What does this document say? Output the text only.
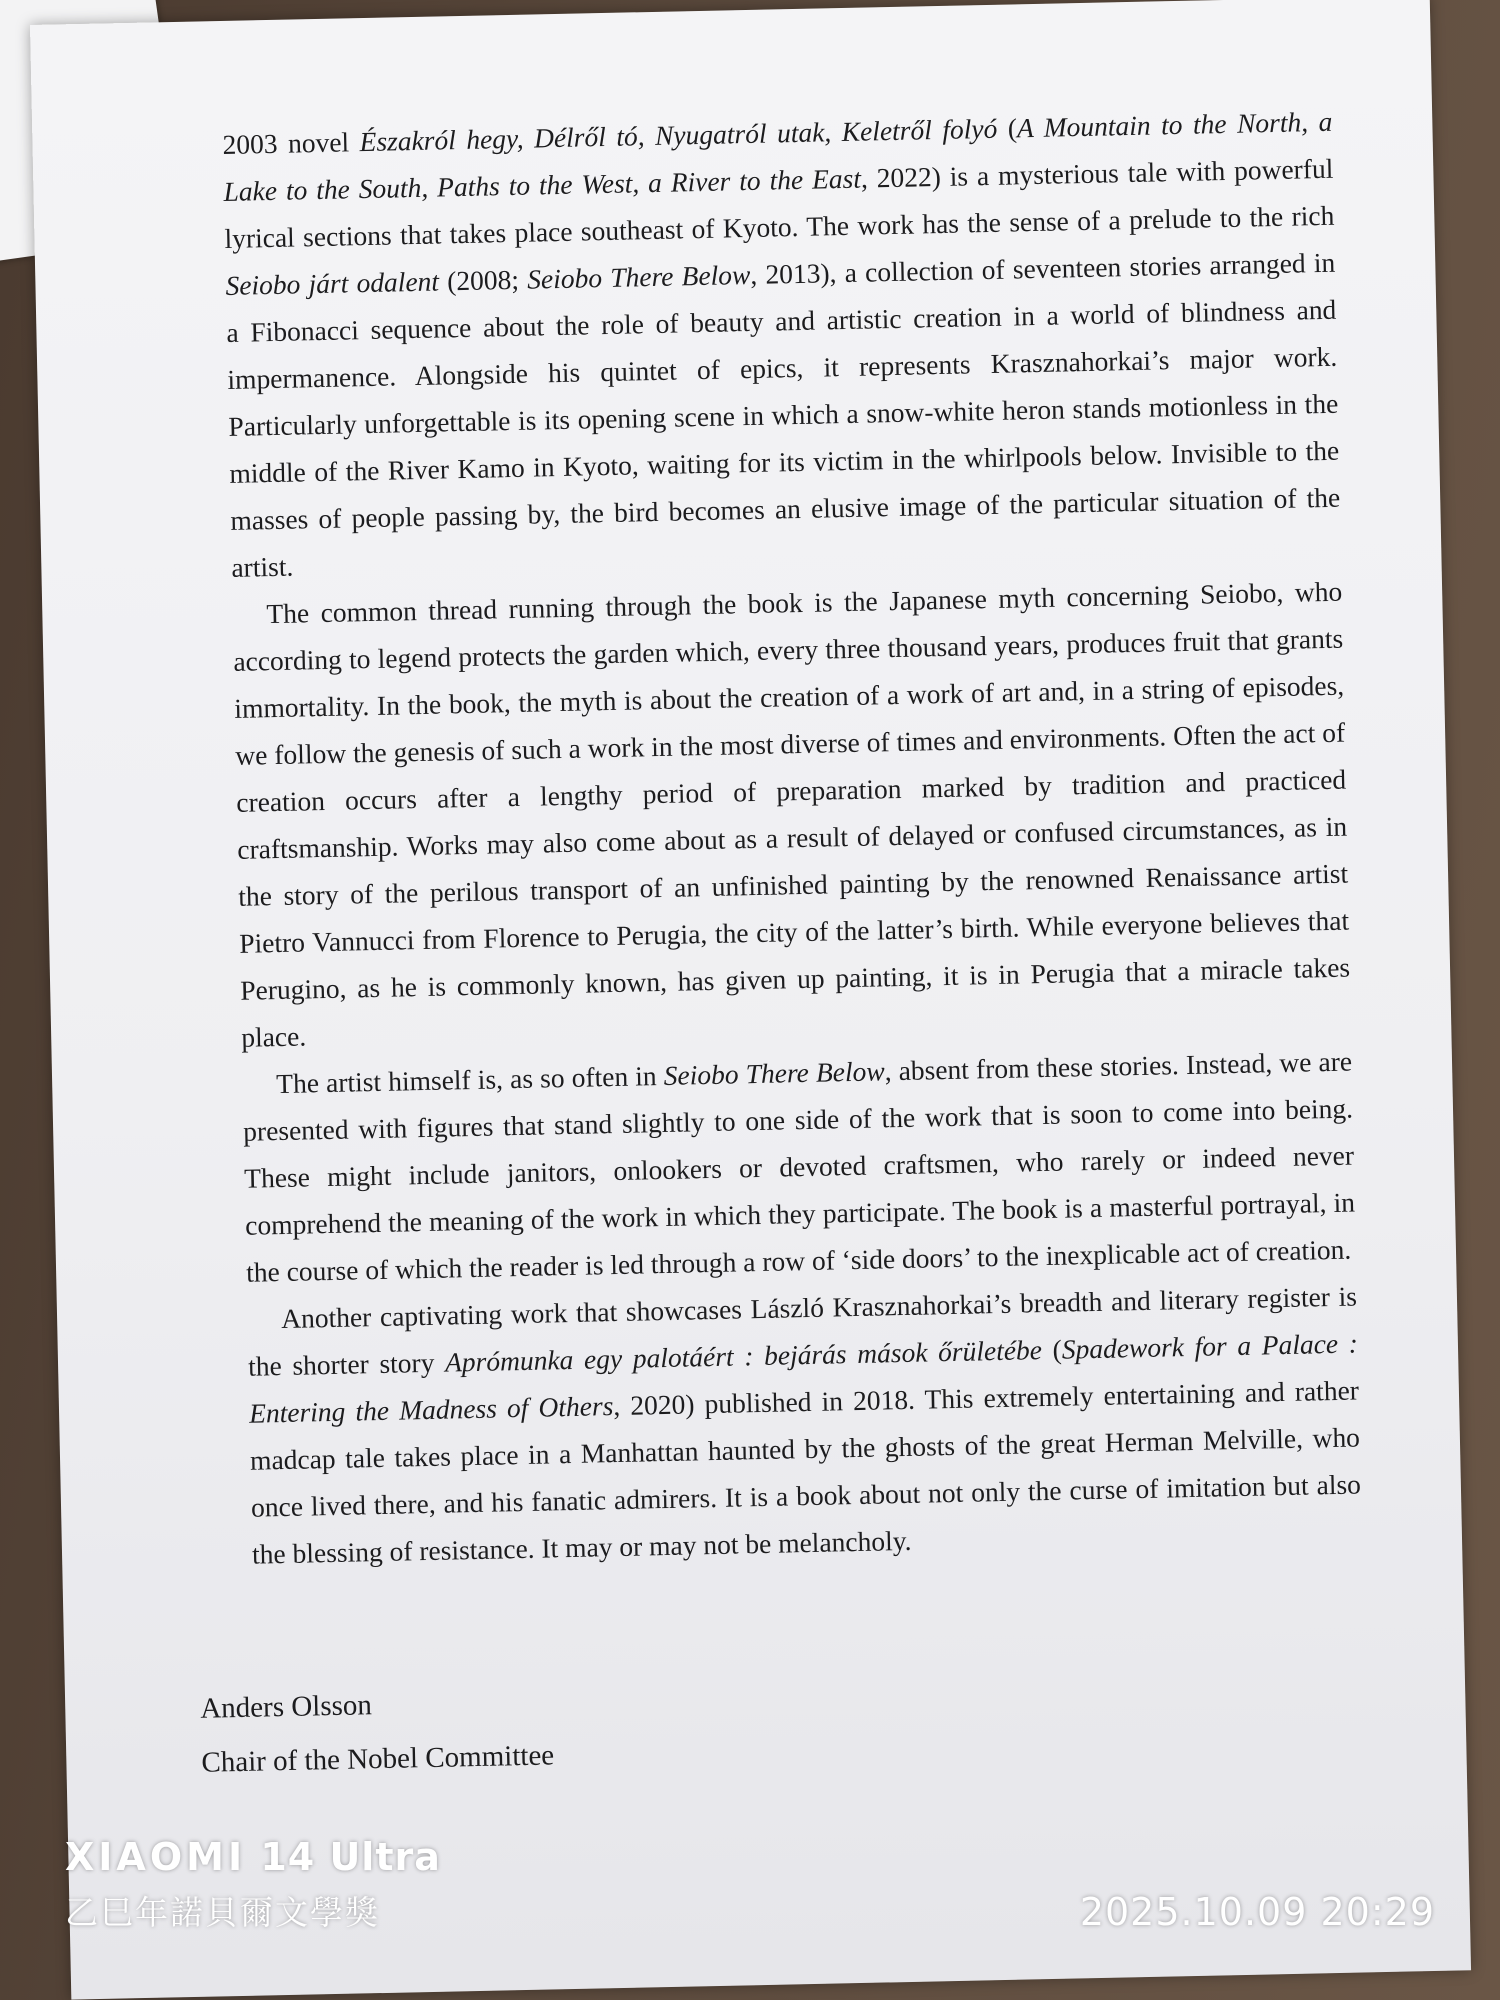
2003 novel Északról hegy, Délről tó, Nyugatról utak, Keletről folyó (A Mountain to the North, a Lake to the South, Paths to the West, a River to the East, 2022) is a mysterious tale with powerful lyrical sections that takes place southeast of Kyoto. The work has the sense of a prelude to the rich Seiobo járt odalent (2008; Seiobo There Below, 2013), a collection of seventeen stories arranged in a Fibonacci sequence about the role of beauty and artistic creation in a world of blindness and impermanence. Alongside his quintet of epics, it represents Krasznahorkai’s major work. Particularly unforgettable is its opening scene in which a snow-white heron stands motionless in the middle of the River Kamo in Kyoto, waiting for its victim in the whirlpools below. Invisible to the masses of people passing by, the bird becomes an elusive image of the particular situation of the artist.

The common thread running through the book is the Japanese myth concerning Seiobo, who according to legend protects the garden which, every three thousand years, produces fruit that grants immortality. In the book, the myth is about the creation of a work of art and, in a string of episodes, we follow the genesis of such a work in the most diverse of times and environments. Often the act of creation occurs after a lengthy period of preparation marked by tradition and practiced craftsmanship. Works may also come about as a result of delayed or confused circumstances, as in the story of the perilous transport of an unfinished painting by the renowned Renaissance artist Pietro Vannucci from Florence to Perugia, the city of the latter’s birth. While everyone believes that Perugino, as he is commonly known, has given up painting, it is in Perugia that a miracle takes place.

The artist himself is, as so often in Seiobo There Below, absent from these stories. Instead, we are presented with figures that stand slightly to one side of the work that is soon to come into being. These might include janitors, onlookers or devoted craftsmen, who rarely or indeed never comprehend the meaning of the work in which they participate. The book is a masterful portrayal, in the course of which the reader is led through a row of ‘side doors’ to the inexplicable act of creation.

Another captivating work that showcases László Krasznahorkai’s breadth and literary register is the shorter story Aprómunka egy palotáért : bejárás mások őrületébe (Spadework for a Palace : Entering the Madness of Others, 2020) published in 2018. This extremely entertaining and rather madcap tale takes place in a Manhattan haunted by the ghosts of the great Herman Melville, who once lived there, and his fanatic admirers. It is a book about not only the curse of imitation but also the blessing of resistance. It may or may not be melancholy.

Anders Olsson
Chair of the Nobel Committee
XIAOMI 14 Ultra
乙巳年諾貝爾文學獎	2025.10.09 20:29
